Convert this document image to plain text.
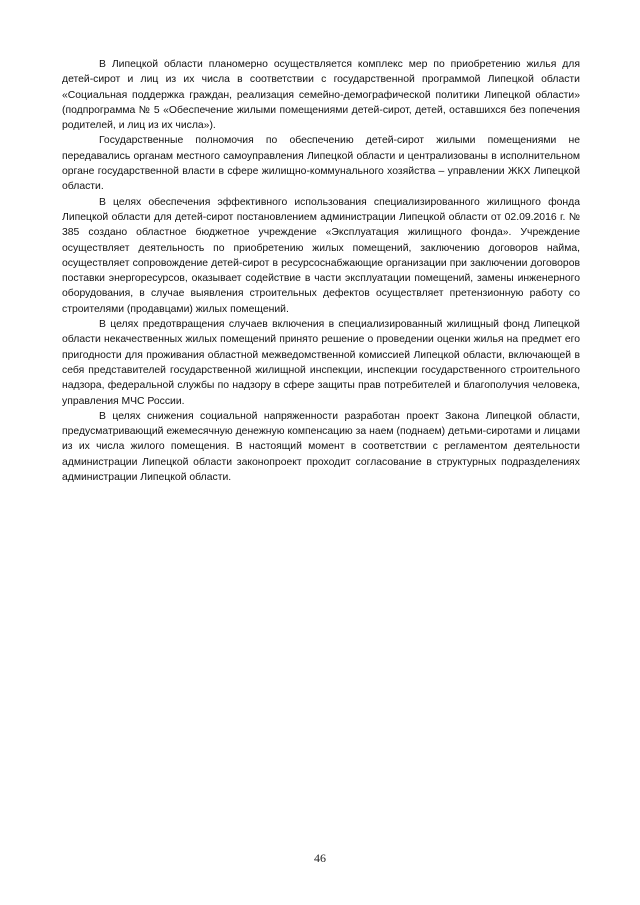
В Липецкой области планомерно осуществляется комплекс мер по приобретению жилья для детей-сирот и лиц из их числа в соответствии с государственной программой Липецкой области «Социальная поддержка граждан, реализация семейно-демографической политики Липецкой области» (подпрограмма № 5 «Обеспечение жилыми помещениями детей-сирот, детей, оставшихся без попечения родителей, и лиц из их числа»).

Государственные полномочия по обеспечению детей-сирот жилыми помещениями не передавались органам местного самоуправления Липецкой области и централизованы в исполнительном органе государственной власти в сфере жилищно-коммунального хозяйства – управлении ЖКХ Липецкой области.

В целях обеспечения эффективного использования специализированного жилищного фонда Липецкой области для детей-сирот постановлением администрации Липецкой области от 02.09.2016 г. № 385 создано областное бюджетное учреждение «Эксплуатация жилищного фонда». Учреждение осуществляет деятельность по приобретению жилых помещений, заключению договоров найма, осуществляет сопровождение детей-сирот в ресурсоснабжающие организации при заключении договоров поставки энергоресурсов, оказывает содействие в части эксплуатации помещений, замены инженерного оборудования, в случае выявления строительных дефектов осуществляет претензионную работу со строителями (продавцами) жилых помещений.

В целях предотвращения случаев включения в специализированный жилищный фонд Липецкой области некачественных жилых помещений принято решение о проведении оценки жилья на предмет его пригодности для проживания областной межведомственной комиссией Липецкой области, включающей в себя представителей государственной жилищной инспекции, инспекции государственного строительного надзора, федеральной службы по надзору в сфере защиты прав потребителей и благополучия человека, управления МЧС России.

В целях снижения социальной напряженности разработан проект Закона Липецкой области, предусматривающий ежемесячную денежную компенсацию за наем (поднаем) детьми-сиротами и лицами из их числа жилого помещения. В настоящий момент в соответствии с регламентом деятельности администрации Липецкой области законопроект проходит согласование в структурных подразделениях администрации Липецкой области.

46
